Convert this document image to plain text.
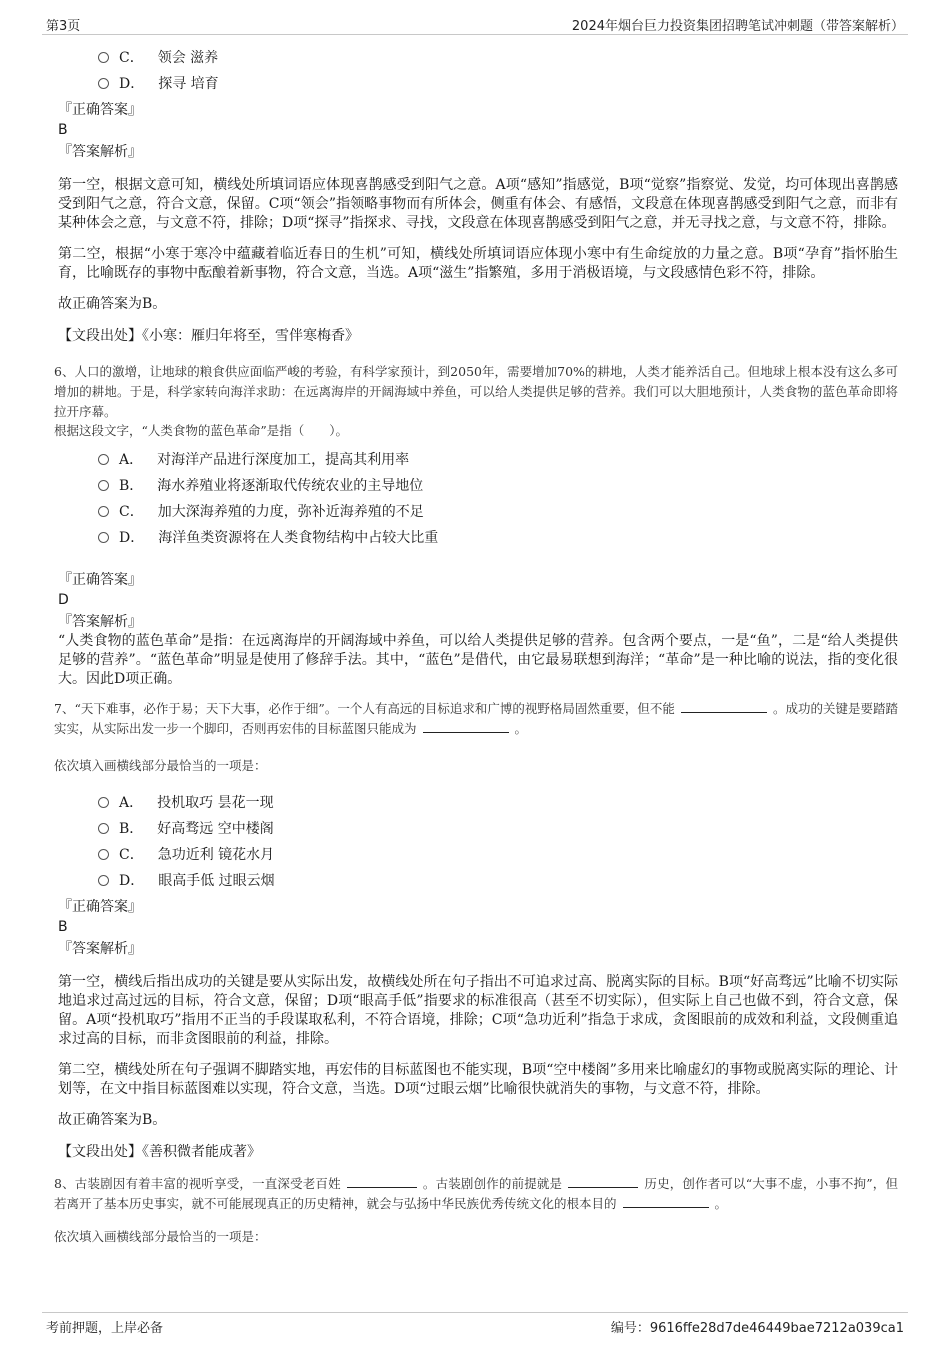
第3页	2024年烟台巨力投资集团招聘笔试冲刺题（带答案解析）
C． 领会 滋养
D． 探寻 培育

『正确答案』

B

『答案解析』

第一空，根据文意可知，横线处所填词语应体现喜鹊感受到阳气之意。A项“感知”指感觉，B项“觉察”指察觉、发觉，均可体现出喜鹊感受到阳气之意，符合文意，保留。C项“领会”指领略事物而有所体会，侧重有体会、有感悟，文段意在体现喜鹊感受到阳气之意，而非有某种体会之意，与文意不符，排除；D项“探寻”指探求、寻找，文段意在体现喜鹊感受到阳气之意，并无寻找之意，与文意不符，排除。

第二空，根据“小寒于寒冷中蕴藏着临近春日的生机”可知，横线处所填词语应体现小寒中有生命绽放的力量之意。B项“孕育”指怀胎生育，比喻既存的事物中酝酿着新事物，符合文意，当选。A项“滋生”指繁殖，多用于消极语境，与文段感情色彩不符，排除。

故正确答案为B。

【文段出处】《小寒：雁归年将至，雪伴寒梅香》

6、人口的激增，让地球的粮食供应面临严峻的考验，有科学家预计，到2050年，需要增加70%的耕地，人类才能养活自己。但地球上根本没有这么多可增加的耕地。于是，科学家转向海洋求助：在远离海岸的开阔海域中养鱼，可以给人类提供足够的营养。我们可以大胆地预计，人类食物的蓝色革命即将拉开序幕。

根据这段文字，“人类食物的蓝色革命”是指（　　）。

A． 对海洋产品进行深度加工，提高其利用率
B． 海水养殖业将逐渐取代传统农业的主导地位
C． 加大深海养殖的力度，弥补近海养殖的不足
D． 海洋鱼类资源将在人类食物结构中占较大比重

『正确答案』

D

『答案解析』

“人类食物的蓝色革命”是指：在远离海岸的开阔海域中养鱼，可以给人类提供足够的营养。包含两个要点，一是“鱼”，二是“给人类提供足够的营养”。“蓝色革命”明显是使用了修辞手法。其中，“蓝色”是借代，由它最易联想到海洋；“革命”是一种比喻的说法，指的变化很大。因此D项正确。

7、“天下难事，必作于易；天下大事，必作于细”。一个人有高远的目标追求和广博的视野格局固然重要，但不能	。成功的关键是要踏踏实实，从实际出发一步一个脚印，否则再宏伟的目标蓝图只能成为	。

依次填入画横线部分最恰当的一项是：

A． 投机取巧 昙花一现
B． 好高骛远 空中楼阁
C． 急功近利 镜花水月
D． 眼高手低 过眼云烟

『正确答案』

B

『答案解析』

第一空，横线后指出成功的关键是要从实际出发，故横线处所在句子指出不可追求过高、脱离实际的目标。B项“好高骛远”比喻不切实际地追求过高过远的目标，符合文意，保留；D项“眼高手低”指要求的标准很高（甚至不切实际），但实际上自己也做不到，符合文意，保留。A项“投机取巧”指用不正当的手段谋取私利，不符合语境，排除；C项“急功近利”指急于求成，贪图眼前的成效和利益，文段侧重追求过高的目标，而非贪图眼前的利益，排除。

第二空，横线处所在句子强调不脚踏实地，再宏伟的目标蓝图也不能实现，B项“空中楼阁”多用来比喻虚幻的事物或脱离实际的理论、计划等，在文中指目标蓝图难以实现，符合文意，当选。D项“过眼云烟”比喻很快就消失的事物，与文意不符，排除。

故正确答案为B。

【文段出处】《善积微者能成著》

8、古装剧因有着丰富的视听享受，一直深受老百姓	。古装剧创作的前提就是	历史，创作者可以“大事不虚，小事不拘”，但若离开了基本历史事实，就不可能展现真正的历史精神，就会与弘扬中华民族优秀传统文化的根本目的	。

依次填入画横线部分最恰当的一项是：

考前押题，上岸必备	编号：9616ffe28d7de46449bae7212a039ca1
